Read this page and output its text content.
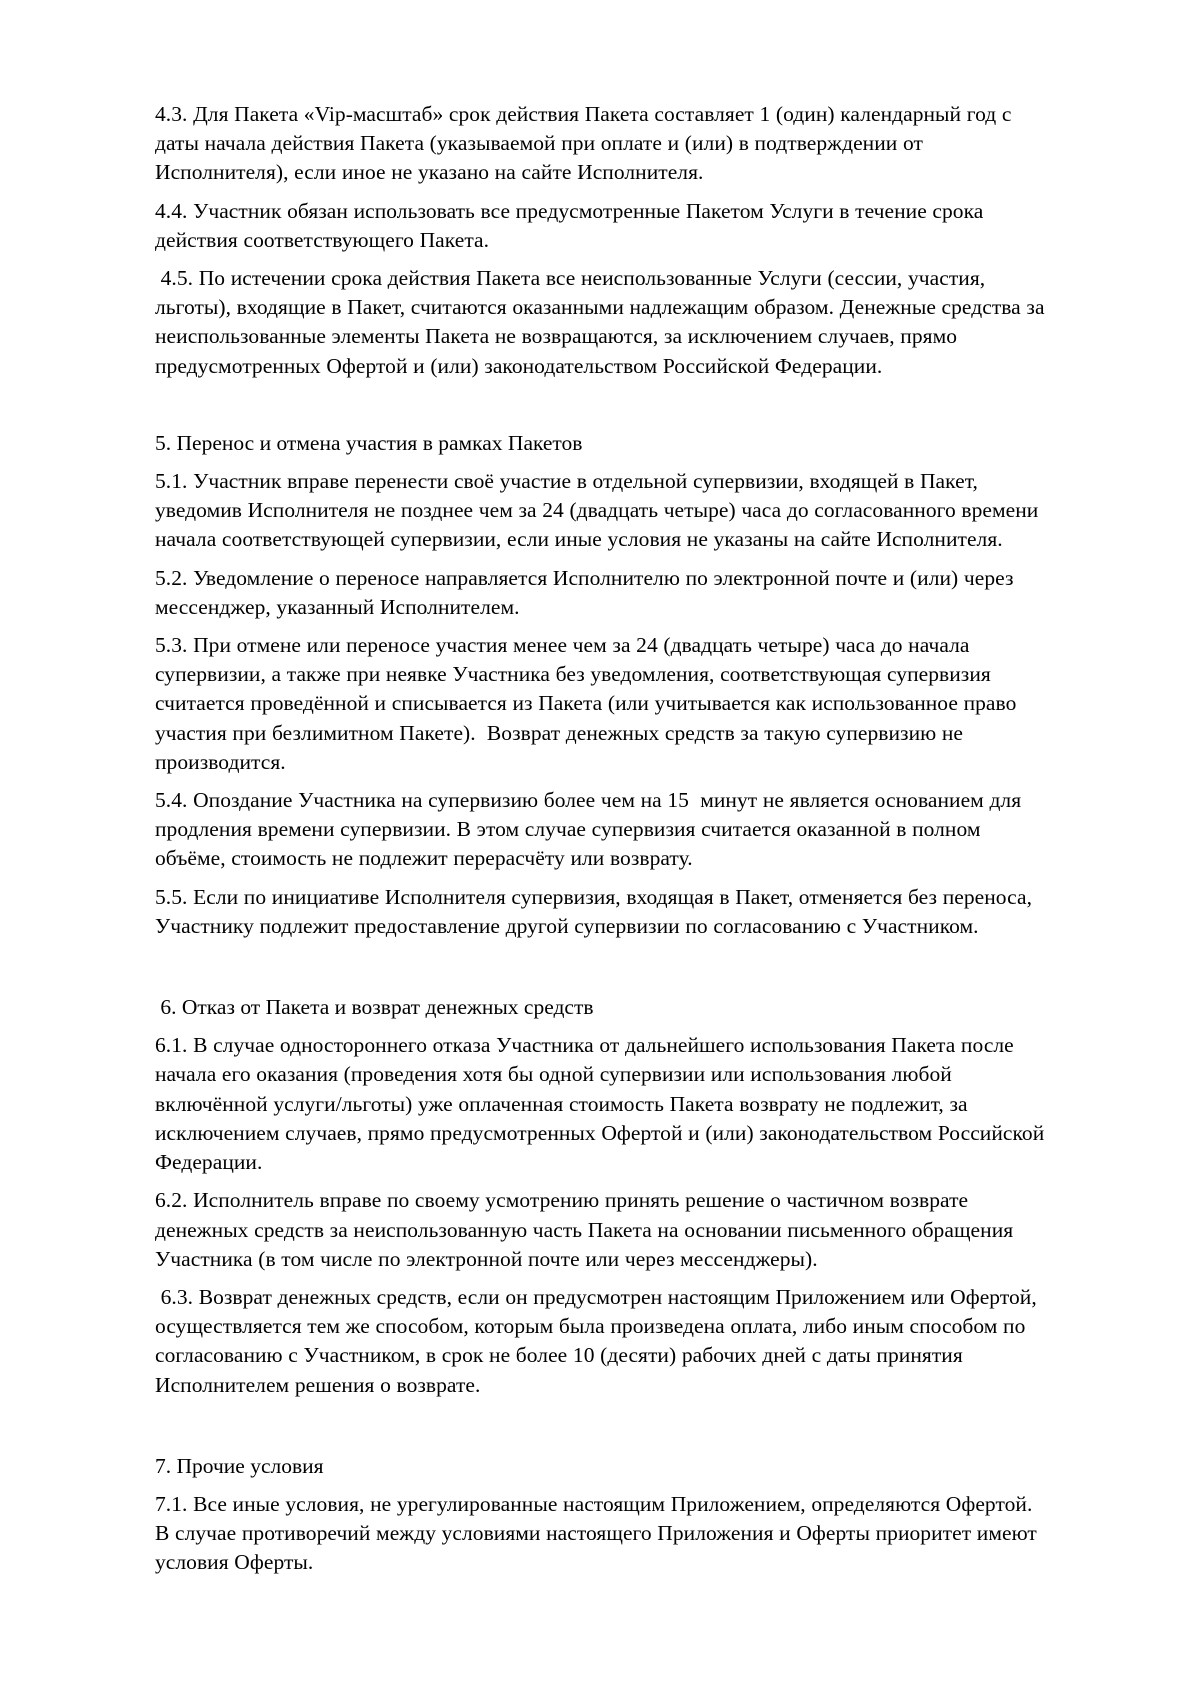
4.3. Для Пакета «Vip-масштаб» срок действия Пакета составляет 1 (один) календарный год с даты начала действия Пакета (указываемой при оплате и (или) в подтверждении от Исполнителя), если иное не указано на сайте Исполнителя.

4.4. Участник обязан использовать все предусмотренные Пакетом Услуги в течение срока действия соответствующего Пакета.

4.5. По истечении срока действия Пакета все неиспользованные Услуги (сессии, участия, льготы), входящие в Пакет, считаются оказанными надлежащим образом. Денежные средства за неиспользованные элементы Пакета не возвращаются, за исключением случаев, прямо предусмотренных Офертой и (или) законодательством Российской Федерации.

5. Перенос и отмена участия в рамках Пакетов

5.1. Участник вправе перенести своё участие в отдельной супервизии, входящей в Пакет, уведомив Исполнителя не позднее чем за 24 (двадцать четыре) часа до согласованного времени начала соответствующей супервизии, если иные условия не указаны на сайте Исполнителя.

5.2. Уведомление о переносе направляется Исполнителю по электронной почте и (или) через мессенджер, указанный Исполнителем.

5.3. При отмене или переносе участия менее чем за 24 (двадцать четыре) часа до начала супервизии, а также при неявке Участника без уведомления, соответствующая супервизия считается проведённой и списывается из Пакета (или учитывается как использованное право участия при безлимитном Пакете).  Возврат денежных средств за такую супервизию не производится.

5.4. Опоздание Участника на супервизию более чем на 15  минут не является основанием для продления времени супервизии. В этом случае супервизия считается оказанной в полном объёме, стоимость не подлежит перерасчёту или возврату.

5.5. Если по инициативе Исполнителя супервизия, входящая в Пакет, отменяется без переноса, Участнику подлежит предоставление другой супервизии по согласованию с Участником.

6. Отказ от Пакета и возврат денежных средств

6.1. В случае одностороннего отказа Участника от дальнейшего использования Пакета после начала его оказания (проведения хотя бы одной супервизии или использования любой включённой услуги/льготы) уже оплаченная стоимость Пакета возврату не подлежит, за исключением случаев, прямо предусмотренных Офертой и (или) законодательством Российской Федерации.

6.2. Исполнитель вправе по своему усмотрению принять решение о частичном возврате денежных средств за неиспользованную часть Пакета на основании письменного обращения Участника (в том числе по электронной почте или через мессенджеры).

6.3. Возврат денежных средств, если он предусмотрен настоящим Приложением или Офертой, осуществляется тем же способом, которым была произведена оплата, либо иным способом по согласованию с Участником, в срок не более 10 (десяти) рабочих дней с даты принятия Исполнителем решения о возврате.

7. Прочие условия

7.1. Все иные условия, не урегулированные настоящим Приложением, определяются Офертой. В случае противоречий между условиями настоящего Приложения и Оферты приоритет имеют условия Оферты.
